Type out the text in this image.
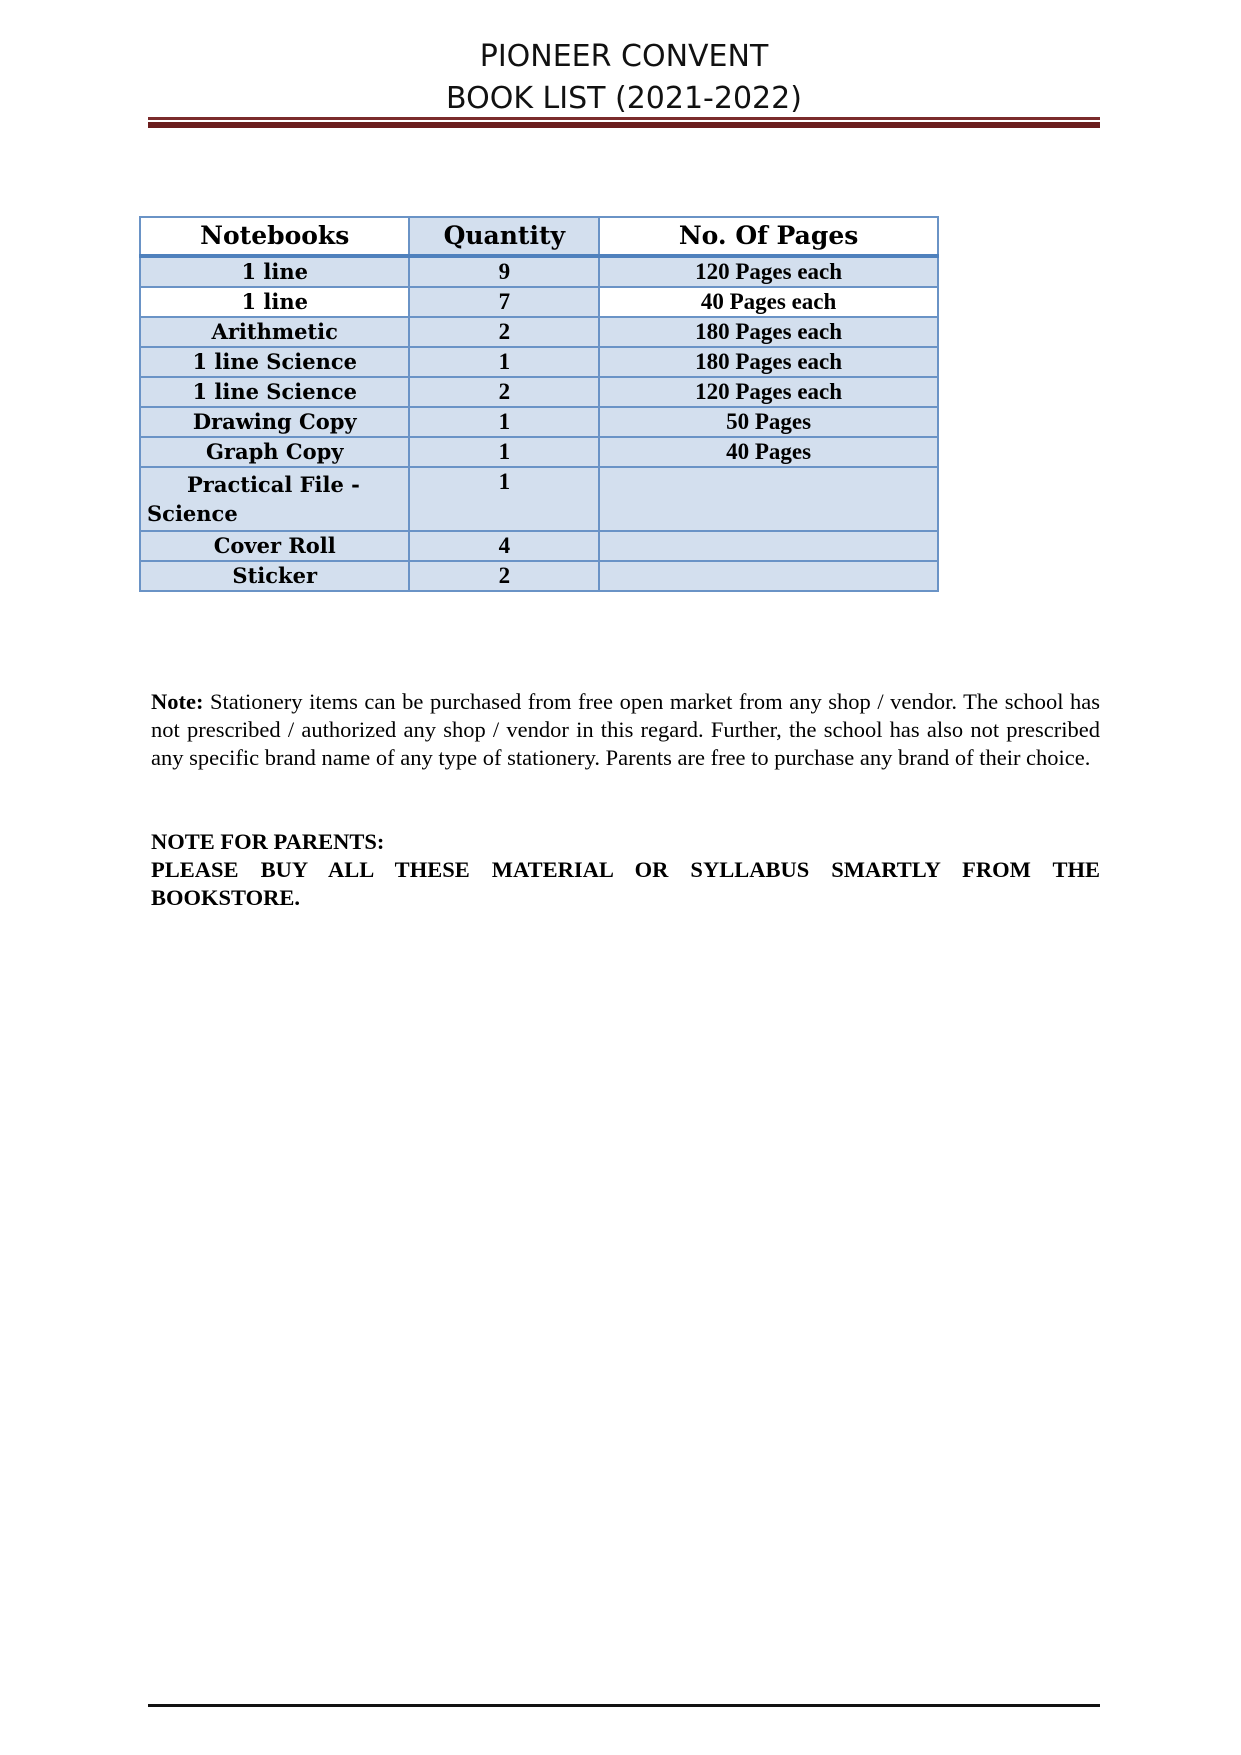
PIONEER CONVENT
BOOK LIST (2021-2022)
Notebooks	Quantity	No. Of Pages
1 line	9	120 Pages each
1 line	7	40 Pages each
Arithmetic	2	180 Pages each
1 line Science	1	180 Pages each
1 line Science	2	120 Pages each
Drawing Copy	1	50 Pages
Graph Copy	1	40 Pages
Practical File -
Science	1	
Cover Roll	4	
Sticker	2	
Note: Stationery items can be purchased from free open market from any shop / vendor. The school has not prescribed / authorized any shop / vendor in this regard. Further, the school has also not prescribed any specific brand name of any type of stationery. Parents are free to purchase any brand of their choice.
NOTE FOR PARENTS:
PLEASE BUY ALL THESE MATERIAL OR SYLLABUS SMARTLY FROM THE
BOOKSTORE.
